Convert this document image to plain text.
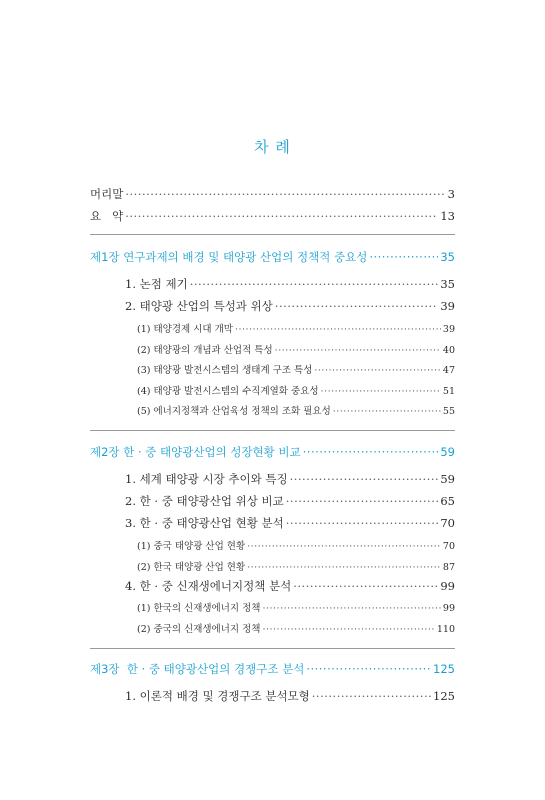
차 례
머리말 ·····	3
요   약 ·····	13
제1장 연구과제의 배경 및 태양광 산업의 정책적 중요성 ·····	35
1. 논점 제기 ·····	35
2. 태양광 산업의 특성과 위상 ·····	39
(1) 태양경제 시대 개막 ·····	39
(2) 태양광의 개념과 산업적 특성 ·····	40
(3) 태양광 발전시스템의 생태계 구조 특성 ·····	47
(4) 태양광 발전시스템의 수직계열화 중요성 ·····	51
(5) 에너지정책과 산업육성 정책의 조화 필요성 ·····	55
제2장 한 · 중 태양광산업의 성장현황 비교 ·····	59
1. 세계 태양광 시장 추이와 특징 ·····	59
2. 한 · 중 태양광산업 위상 비교 ·····	65
3. 한 · 중 태양광산업 현황 분석 ·····	70
(1) 중국 태양광 산업 현황 ·····	70
(2) 한국 태양광 산업 현황 ·····	87
4. 한 · 중 신재생에너지정책 분석 ·····	99
(1) 한국의 신재생에너지 정책 ·····	99
(2) 중국의 신재생에너지 정책 ·····	110
제3장  한 · 중 태양광산업의 경쟁구조 분석 ·····	125
1. 이론적 배경 및 경쟁구조 분석모형 ·····	125
